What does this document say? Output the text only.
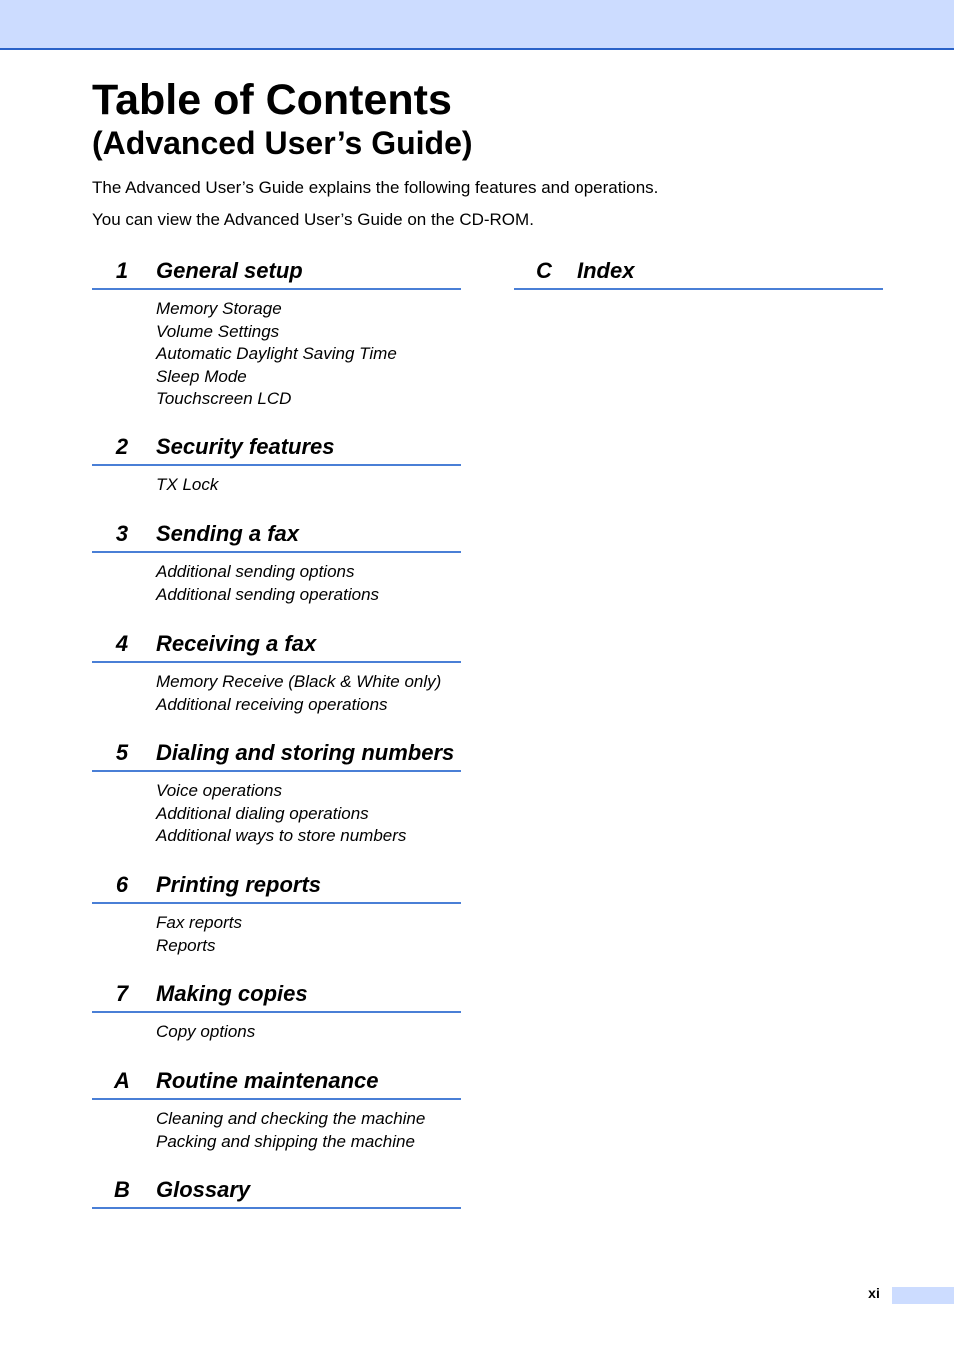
Table of Contents
(Advanced User’s Guide)

The Advanced User’s Guide explains the following features and operations.

You can view the Advanced User’s Guide on the CD-ROM.

1	General setup
Memory Storage
Volume Settings
Automatic Daylight Saving Time
Sleep Mode
Touchscreen LCD
2	Security features
TX Lock
3	Sending a fax
Additional sending options
Additional sending operations
4	Receiving a fax
Memory Receive (Black & White only)
Additional receiving operations
5	Dialing and storing numbers
Voice operations
Additional dialing operations
Additional ways to store numbers
6	Printing reports
Fax reports
Reports
7	Making copies
Copy options
A	Routine maintenance
Cleaning and checking the machine
Packing and shipping the machine
B	Glossary
C	Index
xi
